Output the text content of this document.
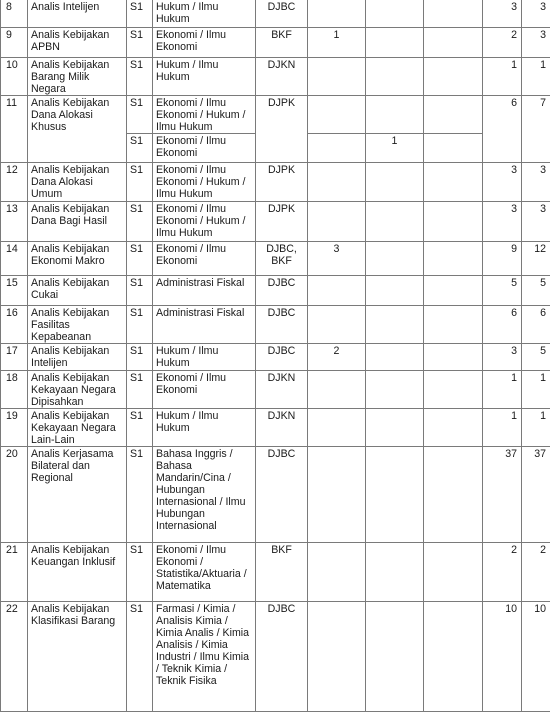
8	Analis Intelijen	S1	Hukum / Ilmu Hukum	DJBC				3	3
9	Analis Kebijakan APBN	S1	Ekonomi / Ilmu Ekonomi	BKF	1			2	3
10	Analis Kebijakan Barang Milik Negara	S1	Hukum / Ilmu Hukum	DJKN				1	1
11	Analis Kebijakan Dana Alokasi Khusus	S1	Ekonomi / Ilmu Ekonomi / Hukum / Ilmu Hukum	DJPK				6	7
		S1	Ekonomi / Ilmu Ekonomi			1			
12	Analis Kebijakan Dana Alokasi Umum	S1	Ekonomi / Ilmu Ekonomi / Hukum / Ilmu Hukum	DJPK				3	3
13	Analis Kebijakan Dana Bagi Hasil	S1	Ekonomi / Ilmu Ekonomi / Hukum / Ilmu Hukum	DJPK				3	3
14	Analis Kebijakan Ekonomi Makro	S1	Ekonomi / Ilmu Ekonomi	DJBC, BKF	3			9	12
15	Analis Kebijakan Cukai	S1	Administrasi Fiskal	DJBC				5	5
16	Analis Kebijakan Fasilitas Kepabeanan	S1	Administrasi Fiskal	DJBC				6	6
17	Analis Kebijakan Intelijen	S1	Hukum / Ilmu Hukum	DJBC	2			3	5
18	Analis Kebijakan Kekayaan Negara Dipisahkan	S1	Ekonomi / Ilmu Ekonomi	DJKN				1	1
19	Analis Kebijakan Kekayaan Negara Lain-Lain	S1	Hukum / Ilmu Hukum	DJKN				1	1
20	Analis Kerjasama Bilateral dan Regional	S1	Bahasa Inggris / Bahasa Mandarin/Cina / Hubungan Internasional / Ilmu Hubungan Internasional	DJBC				37	37
21	Analis Kebijakan Keuangan Inklusif	S1	Ekonomi / Ilmu Ekonomi / Statistika/Aktuaria / Matematika	BKF				2	2
22	Analis Kebijakan Klasifikasi Barang	S1	Farmasi / Kimia / Analisis Kimia / Kimia Analis / Kimia Analisis / Kimia Industri / Ilmu Kimia / Teknik Kimia / Teknik Fisika	DJBC				10	10
